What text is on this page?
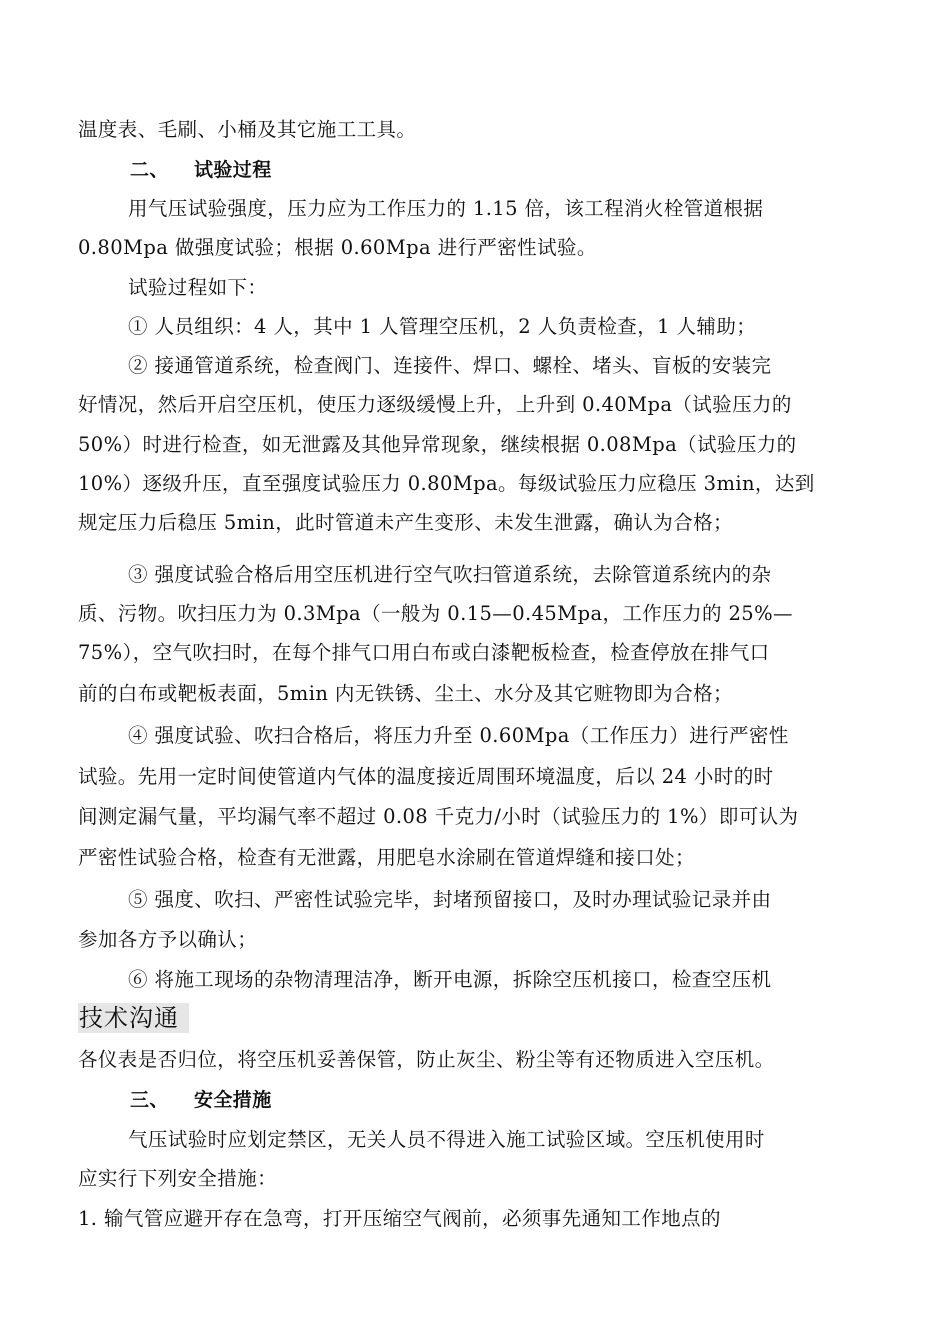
温度表、毛刷、小桶及其它施工工具。
二、 试验过程
用气压试验强度，压力应为工作压力的 1.15 倍，该工程消火栓管道根据
0.80Mpa 做强度试验；根据 0.60Mpa 进行严密性试验。
试验过程如下：
① 人员组织：4 人，其中 1 人管理空压机，2 人负责检查，1 人辅助；
② 接通管道系统，检查阀门、连接件、焊口、螺栓、堵头、盲板的安装完
好情况，然后开启空压机，使压力逐级缓慢上升，上升到 0.40Mpa（试验压力的
50%）时进行检查，如无泄露及其他异常现象，继续根据 0.08Mpa（试验压力的
10%）逐级升压，直至强度试验压力 0.80Mpa。每级试验压力应稳压 3min，达到
规定压力后稳压 5min，此时管道未产生变形、未发生泄露，确认为合格；
③ 强度试验合格后用空压机进行空气吹扫管道系统，去除管道系统内的杂
质、污物。吹扫压力为 0.3Mpa（一般为 0.15—0.45Mpa，工作压力的 25%—
75%），空气吹扫时，在每个排气口用白布或白漆靶板检查，检查停放在排气口
前的白布或靶板表面，5min 内无铁锈、尘土、水分及其它赃物即为合格；
④ 强度试验、吹扫合格后，将压力升至 0.60Mpa（工作压力）进行严密性
试验。先用一定时间使管道内气体的温度接近周围环境温度，后以 24 小时的时
间测定漏气量，平均漏气率不超过 0.08 千克力/小时（试验压力的 1%）即可认为
严密性试验合格，检查有无泄露，用肥皂水涂刷在管道焊缝和接口处；
⑤ 强度、吹扫、严密性试验完毕，封堵预留接口，及时办理试验记录并由
参加各方予以确认；
⑥ 将施工现场的杂物清理洁净，断开电源，拆除空压机接口，检查空压机
技术沟通
各仪表是否归位，将空压机妥善保管，防止灰尘、粉尘等有还物质进入空压机。
三、 安全措施
气压试验时应划定禁区，无关人员不得进入施工试验区域。空压机使用时
应实行下列安全措施：
1. 输气管应避开存在急弯，打开压缩空气阀前，必须事先通知工作地点的
